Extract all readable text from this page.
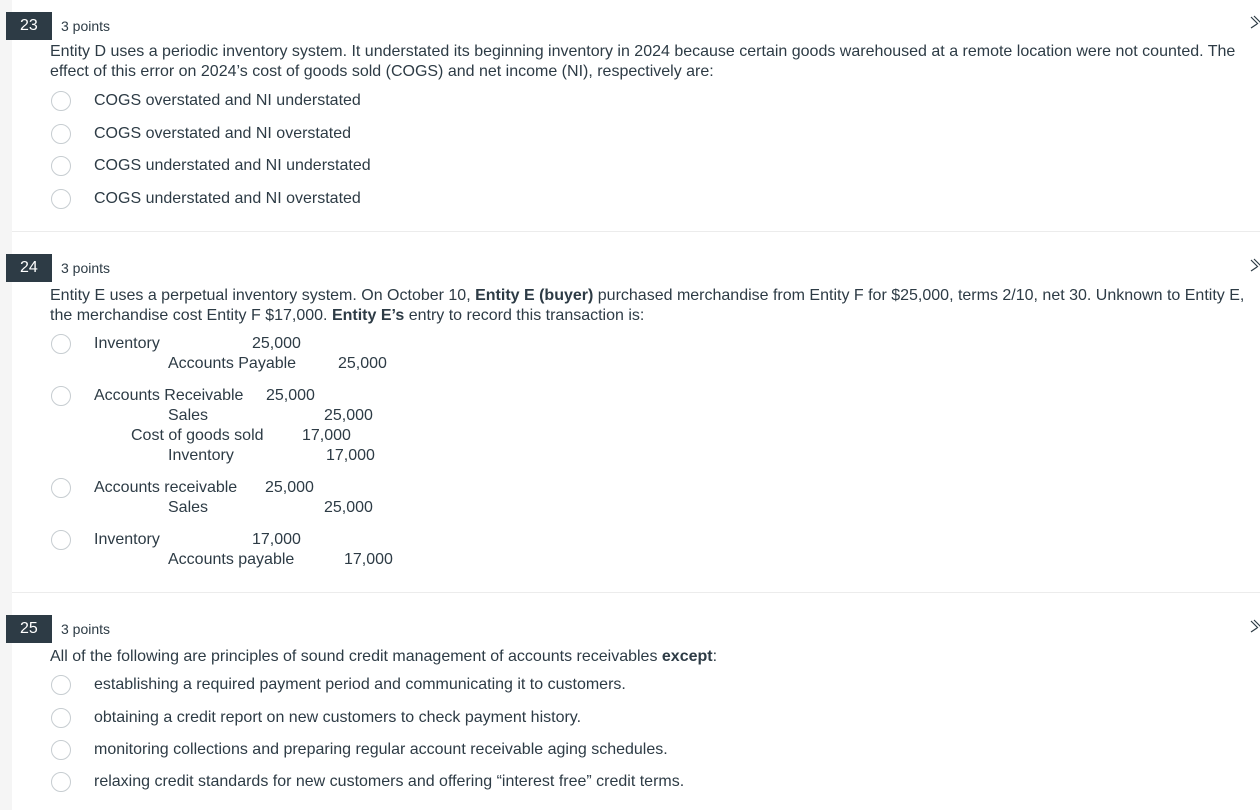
23	3 points
Entity D uses a periodic inventory system. It understated its beginning inventory in 2024 because certain goods warehoused at a remote location were not counted. The
effect of this error on 2024’s cost of goods sold (COGS) and net income (NI), respectively are:
COGS overstated and NI understated
COGS overstated and NI overstated
COGS understated and NI understated
COGS understated and NI overstated
24	3 points
Entity E uses a perpetual inventory system. On October 10, Entity E (buyer) purchased merchandise from Entity F for $25,000, terms 2/10, net 30. Unknown to Entity E,
the merchandise cost Entity F $17,000. Entity E’s entry to record this transaction is:
Inventory	25,000
Accounts Payable	25,000
Accounts Receivable 25,000
Sales	25,000
Cost of goods sold 17,000
Inventory	17,000
Accounts receivable 25,000
Sales	25,000
Inventory	17,000
Accounts payable	17,000
25	3 points
All of the following are principles of sound credit management of accounts receivables except:
establishing a required payment period and communicating it to customers.
obtaining a credit report on new customers to check payment history.
monitoring collections and preparing regular account receivable aging schedules.
relaxing credit standards for new customers and offering “interest free” credit terms.
